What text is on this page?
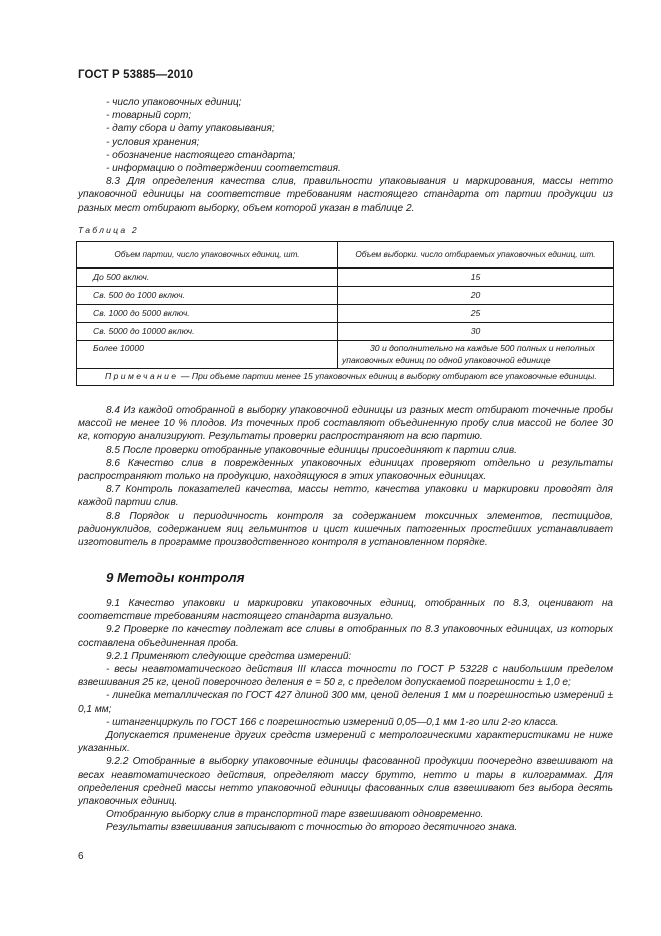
ГОСТ Р 53885—2010

- число упаковочных единиц;

- товарный сорт;

- дату сбора и дату упаковывания;

- условия хранения;

- обозначение настоящего стандарта;

- информацию о подтверждении соответствия.

8.3 Для определения качества слив, правильности упаковывания и маркирования, массы нетто упаковочной единицы на соответствие требованиям настоящего стандарта от партии продукции из разных мест отбирают выборку, объем которой указан в таблице 2.

Таблица 2
Объем партии, число упаковочных единиц, шт.	Объем выборки. число отбираемых упаковочных единиц, шт.
До 500 включ.	15
Св. 500 до 1000 включ.	20
Св. 1000 до 5000 включ.	25
Св. 5000 до 10000 включ.	30
Более 10000	30 и дополнительно на каждые 500 полных и неполных упаковочных единиц по одной упаковочной единице
Примечание — При объеме партии менее 15 упаковочных единиц в выборку отбирают все упаковочные единицы.	

8.4 Из каждой отобранной в выборку упаковочной единицы из разных мест отбирают точечные пробы массой не менее 10 % плодов. Из точечных проб составляют объединенную пробу слив массой не более 30 кг, которую анализируют. Результаты проверки распространяют на всю партию.

8.5 После проверки отобранные упаковочные единицы присоединяют к партии слив.

8.6 Качество слив в поврежденных упаковочных единицах проверяют отдельно и результаты распространяют только на продукцию, находящуюся в этих упаковочных единицах.

8.7 Контроль показателей качества, массы нетто, качества упаковки и маркировки проводят для каждой партии слив.

8.8 Порядок и периодичность контроля за содержанием токсичных элементов, пестицидов, радионуклидов, содержанием яиц гельминтов и цист кишечных патогенных простейших устанавливает изготовитель в программе производственного контроля в установленном порядке.

9 Методы контроля

9.1 Качество упаковки и маркировки упаковочных единиц, отобранных по 8.3, оценивают на соответствие требованиям настоящего стандарта визуально.

9.2 Проверке по качеству подлежат все сливы в отобранных по 8.3 упаковочных единицах, из которых составлена объединенная проба.

9.2.1 Применяют следующие средства измерений:

- весы неавтоматического действия III класса точности по ГОСТ Р 53228 с наибольшим пределом взвешивания 25 кг, ценой поверочного деления е = 50 г, с пределом допускаемой погрешности ± 1,0 е;

- линейка металлическая по ГОСТ 427 длиной 300 мм, ценой деления 1 мм и погрешностью измерений ± 0,1 мм;

- штангенциркуль по ГОСТ 166 с погрешностью измерений 0,05—0,1 мм 1-го или 2-го класса.

Допускается применение других средств измерений с метрологическими характеристиками не ниже указанных.

9.2.2 Отобранные в выборку упаковочные единицы фасованной продукции поочередно взвешивают на весах неавтоматического действия, определяют массу брутто, нетто и тары в килограммах. Для определения средней массы нетто упаковочной единицы фасованных слив взвешивают без выбора десять упаковочных единиц.

Отобранную выборку слив в транспортной таре взвешивают одновременно.

Результаты взвешивания записывают с точностью до второго десятичного знака.

6
